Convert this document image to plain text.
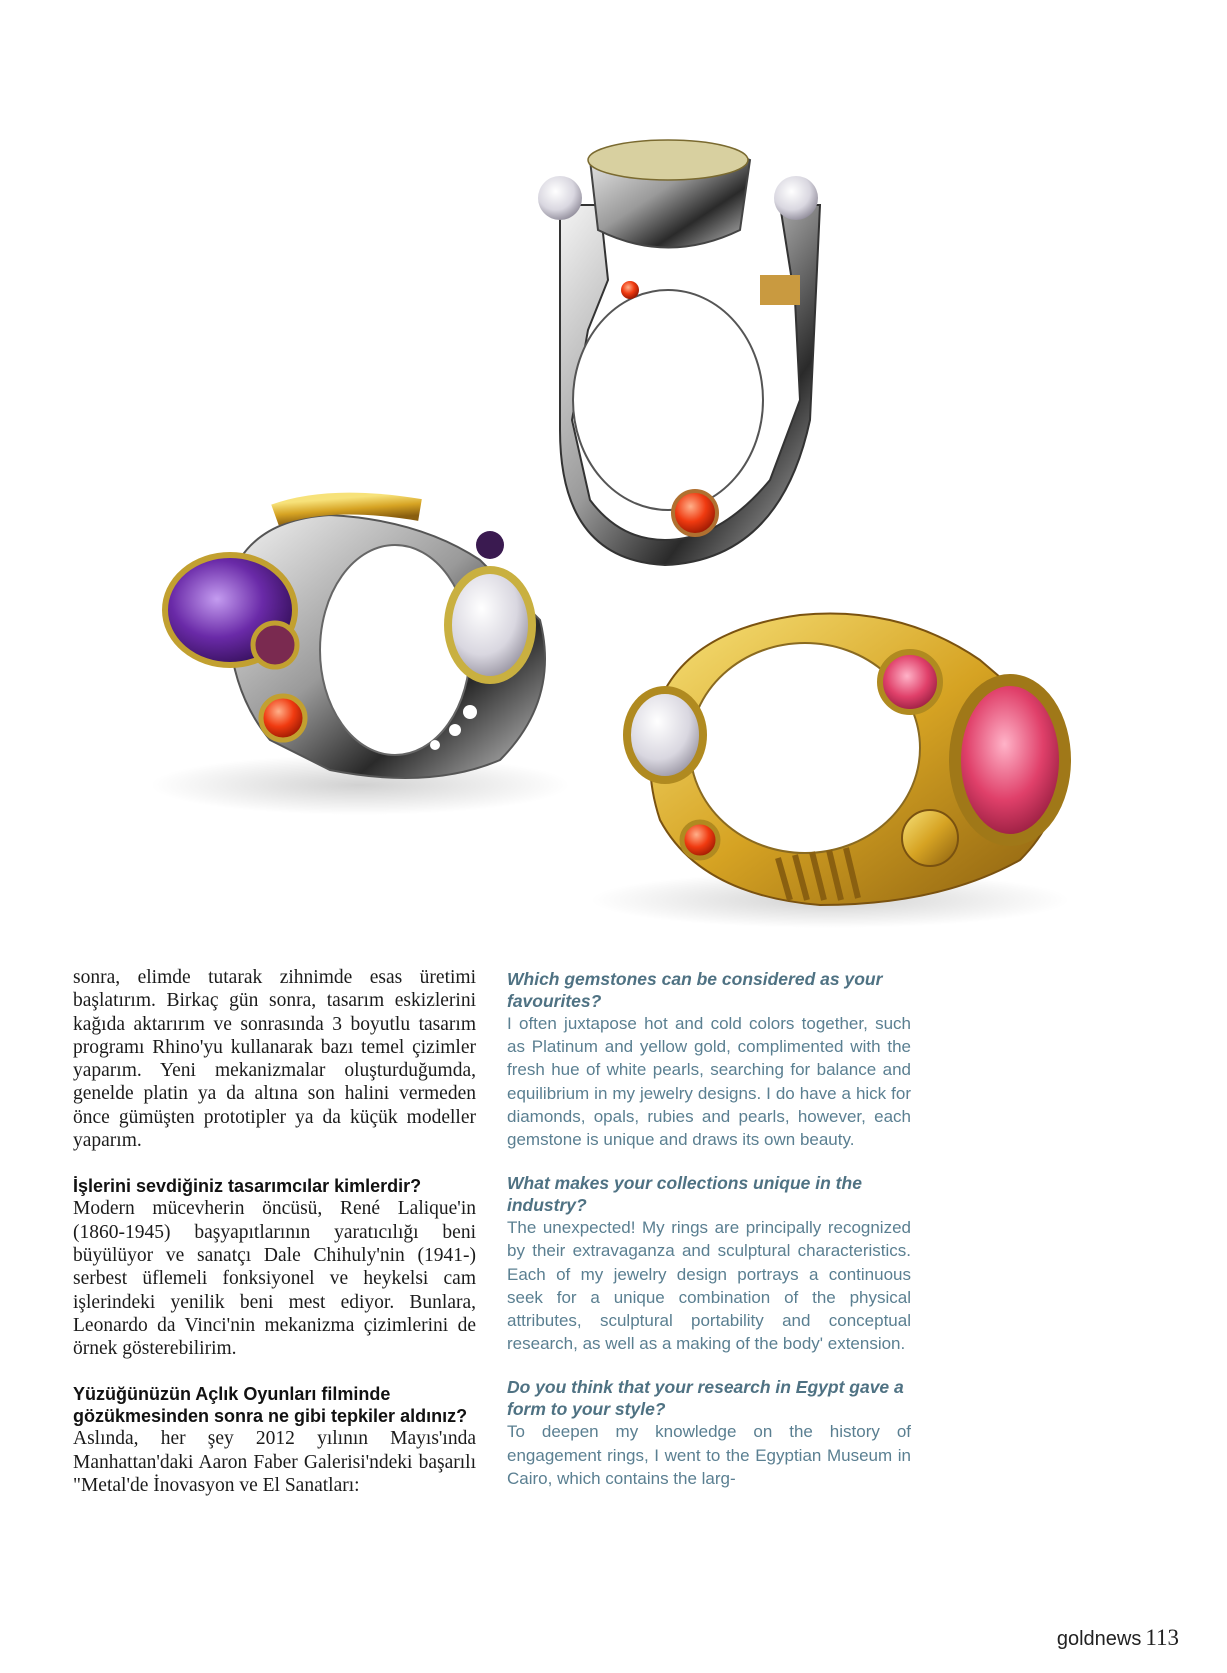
sonra, elimde tutarak zihnimde esas üretimi başlatırım. Birkaç gün sonra, tasarım eskizlerini kağıda aktarırım ve sonrasında 3 boyutlu tasarım programı Rhino'yu kullanarak bazı temel çizimler yaparım. Yeni mekanizmalar oluşturduğumda, genelde platin ya da altına son halini vermeden önce gümüşten prototipler ya da küçük modeller yaparım.

İşlerini sevdiğiniz tasarımcılar kimlerdir?

Modern mücevherin öncüsü, René Lalique'in (1860-1945) başyapıtlarının yaratıcılığı beni büyülüyor ve sanatçı Dale Chihuly'nin (1941-) serbest üflemeli fonksiyonel ve heykelsi cam işlerindeki yenilik beni mest ediyor. Bunlara, Leonardo da Vinci'nin mekanizma çizimlerini de örnek gösterebilirim.

Yüzüğünüzün Açlık Oyunları filminde gözükmesinden sonra ne gibi tepkiler aldınız?

Aslında, her şey 2012 yılının Mayıs'ında Manhattan'daki Aaron Faber Galerisi'ndeki başarılı "Metal'de İnovasyon ve El Sanatları:

Which gemstones can be considered as your favourites?

I often juxtapose hot and cold colors together, such as Platinum and yellow gold, complimented with the fresh hue of white pearls, searching for balance and equilibrium in my jewelry designs. I do have a hick for diamonds, opals, rubies and pearls, however, each gemstone is unique and draws its own beauty.

What makes your collections unique in the industry?

The unexpected! My rings are principally recognized by their extravaganza and sculptural characteristics. Each of my jewelry design portrays a continuous seek for a unique combination of the physical attributes, sculptural portability and conceptual research, as well as a making of the body' extension.

Do you think that your research in Egypt gave a form to your style?

To deepen my knowledge on the history of engagement rings, I went to the Egyptian Museum in Cairo, which contains the larg-

goldnews 113
